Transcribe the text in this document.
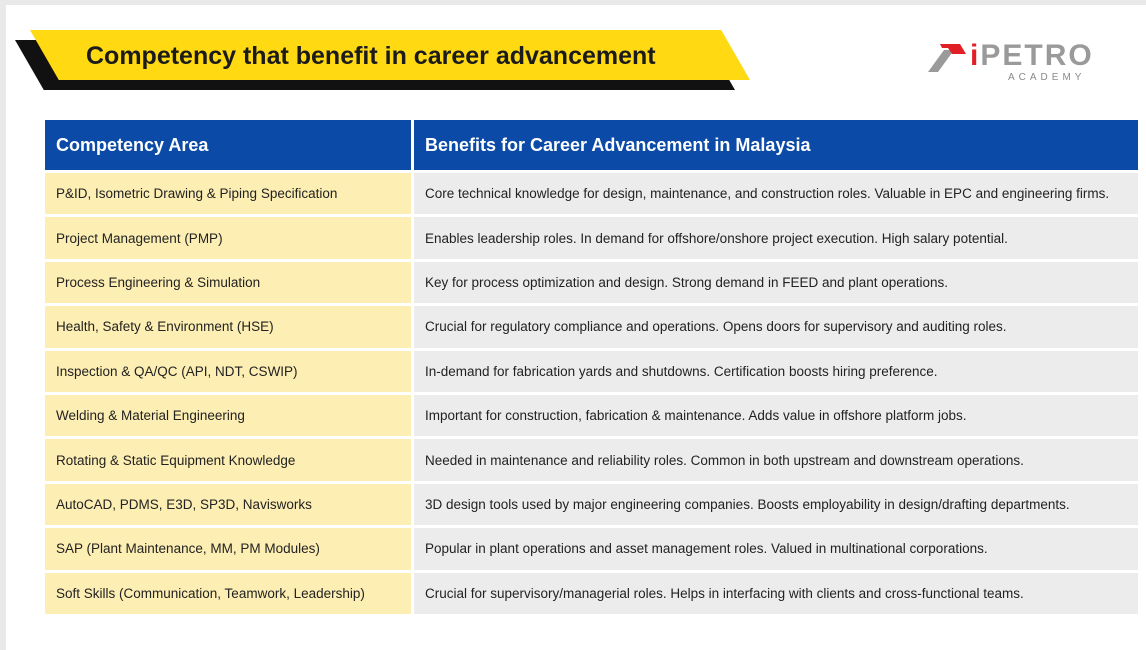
Competency that benefit in career advancement	iPETRO
ACADEMY
Competency Area	Benefits for Career Advancement in Malaysia
P&ID, Isometric Drawing & Piping Specification	Core technical knowledge for design, maintenance, and construction roles. Valuable in EPC and engineering firms.
Project Management (PMP)	Enables leadership roles. In demand for offshore/onshore project execution. High salary potential.
Process Engineering & Simulation	Key for process optimization and design. Strong demand in FEED and plant operations.
Health, Safety & Environment (HSE)	Crucial for regulatory compliance and operations. Opens doors for supervisory and auditing roles.
Inspection & QA/QC (API, NDT, CSWIP)	In-demand for fabrication yards and shutdowns. Certification boosts hiring preference.
Welding & Material Engineering	Important for construction, fabrication & maintenance. Adds value in offshore platform jobs.
Rotating & Static Equipment Knowledge	Needed in maintenance and reliability roles. Common in both upstream and downstream operations.
AutoCAD, PDMS, E3D, SP3D, Navisworks	3D design tools used by major engineering companies. Boosts employability in design/drafting departments.
SAP (Plant Maintenance, MM, PM Modules)	Popular in plant operations and asset management roles. Valued in multinational corporations.
Soft Skills (Communication, Teamwork, Leadership)	Crucial for supervisory/managerial roles. Helps in interfacing with clients and cross-functional teams.
